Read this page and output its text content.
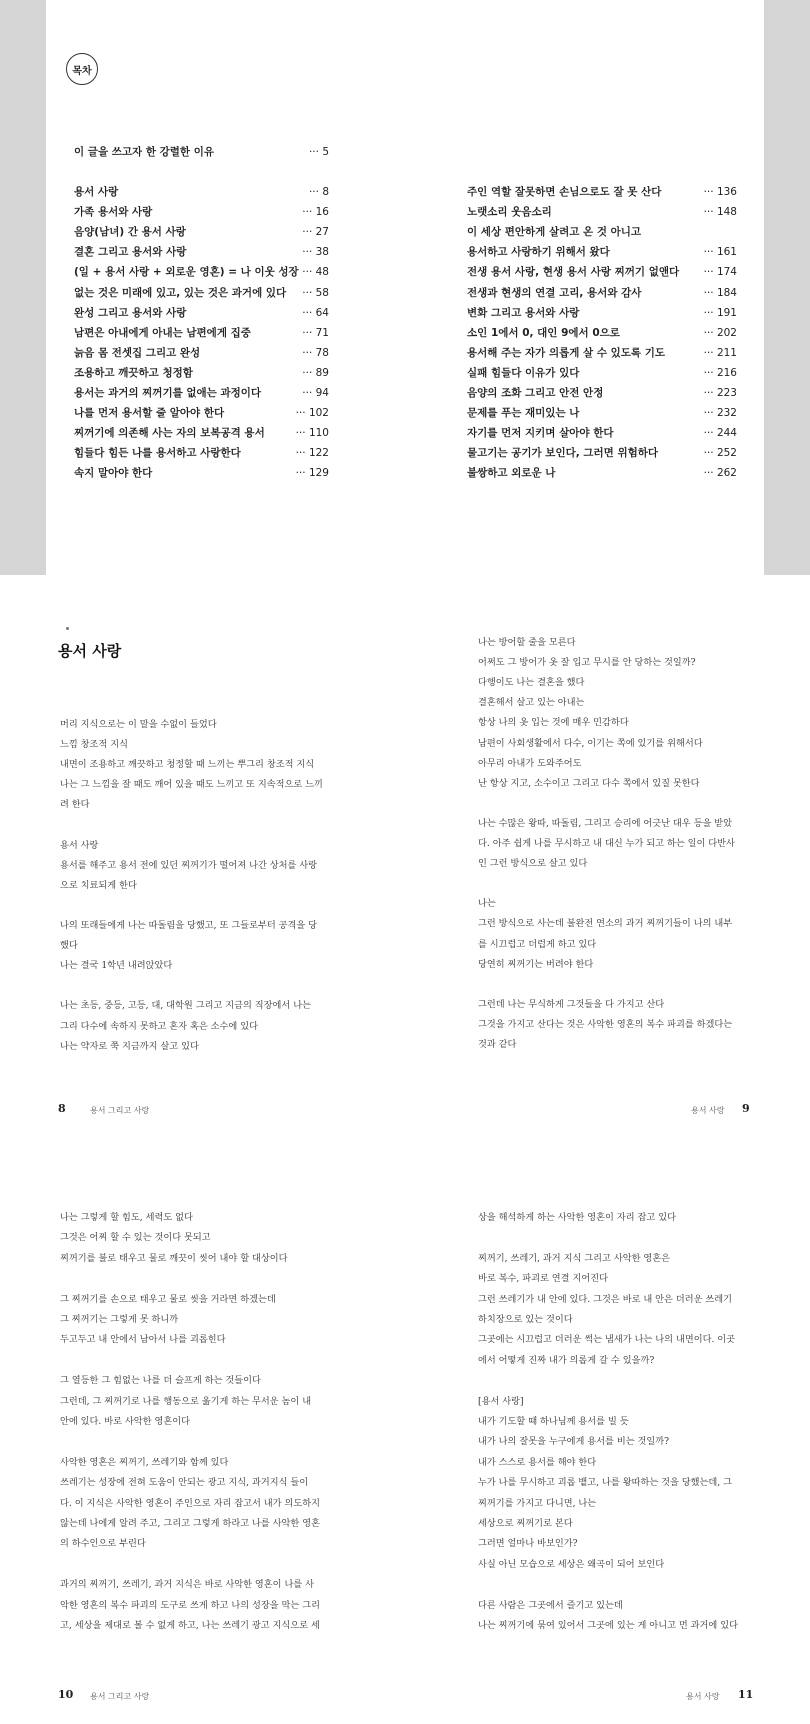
목차
이 글을 쓰고자 한 강렬한 이유	··· 5
용서 사랑	··· 8
가족 용서와 사랑	··· 16
음양(남녀) 간 용서 사랑	··· 27
결혼 그리고 용서와 사랑	··· 38
(일 + 용서 사랑 + 외로운 영혼) = 나 이웃 성장 ··· 48
없는 것은 미래에 있고, 있는 것은 과거에 있다 ··· 58
완성 그리고 용서와 사랑	··· 64
남편은 아내에게 아내는 남편에게 집중	··· 71
늙음 몸 전셋집 그리고 완성	··· 78
조용하고 깨끗하고 청정함	··· 89
용서는 과거의 찌꺼기를 없애는 과정이다	··· 94
나를 먼저 용서할 줄 알아야 한다	··· 102
찌꺼기에 의존해 사는 자의 보복공격 용서	··· 110
힘들다 힘든 나를 용서하고 사랑한다	··· 122
속지 말아야 한다	··· 129
주인 역할 잘못하면 손님으로도 잘 못 산다	··· 136
노랫소리 웃음소리	··· 148
이 세상 편안하게 살려고 온 것 아니고
용서하고 사랑하기 위해서 왔다	··· 161
전생 용서 사랑, 현생 용서 사랑 찌꺼기 없앤다 ··· 174
전생과 현생의 연결 고리, 용서와 감사	··· 184
변화 그리고 용서와 사랑	··· 191
소인 1에서 0, 대인 9에서 0으로	··· 202
용서해 주는 자가 의롭게 살 수 있도록 기도	··· 211
실패 힘들다 이유가 있다	··· 216
음양의 조화 그리고 안전 안정	··· 223
문제를 푸는 재미있는 나	··· 232
자기를 먼저 지키며 살아야 한다	··· 244
물고기는 공기가 보인다, 그러면 위험하다	··· 252
불쌍하고 외로운 나	··· 262
용서 사랑
머리 지식으로는 이 말을 수없이 들었다
느낌 창조적 지식
내면이 조용하고 깨끗하고 청정할 때 느끼는 뿌그리 창조적 지식
나는 그 느낌을 잘 때도 깨어 있을 때도 느끼고 또 지속적으로 느끼
려 한다
용서 사랑
용서를 해주고 용서 전에 있던 찌꺼기가 떨어져 나간 상처를 사랑
으로 치료되게 한다
나의 또래들에게 나는 따돌림을 당했고, 또 그들로부터 공격을 당
했다
나는 결국 1학년 내려앉았다
나는 초등, 중등, 고등, 대, 대학원 그리고 지금의 직장에서 나는
그리 다수에 속하지 못하고 혼자 혹은 소수에 있다
나는 약자로 쭉 지금까지 살고 있다
나는 방어할 줄을 모른다
어쩌도 그 방어가 옷 잘 입고 무시를 안 당하는 것일까?
다행이도 나는 결혼을 했다
결혼해서 살고 있는 아내는
항상 나의 옷 입는 것에 매우 민감하다
남편이 사회생활에서 다수, 이기는 쪽에 있기를 위해서다
아무리 아내가 도와주어도
난 항상 지고, 소수이고 그리고 다수 쪽에서 있질 못한다
나는 수많은 왕따, 따돌림, 그리고 승리에 어긋난 대우 등을 받았
다. 아주 쉽게 나를 무시하고 내 대신 누가 되고 하는 일이 다반사
인 그런 방식으로 살고 있다
나는
그런 방식으로 사는데 불완전 연소의 과거 찌꺼기들이 나의 내부
를 시끄럽고 더럽게 하고 있다
당연히 찌꺼기는 버려야 한다
그런데 나는 무식하게 그것들을 다 가지고 산다
그것을 가지고 산다는 것은 사악한 영혼의 복수 파괴를 하겠다는
것과 같다
8	용서 그리고 사랑	용서 사랑 9
나는 그렇게 할 힘도, 세력도 없다
그것은 어찌 할 수 있는 것이다 못되고
찌꺼기를 불로 태우고 물로 깨끗이 씻어 내야 할 대상이다
그 찌꺼기를 손으로 태우고 물로 씻을 거라면 하겠는데
그 찌꺼기는 그렇게 못 하니까
두고두고 내 안에서 남아서 나를 괴롭힌다
그 열등한 그 힘없는 나를 더 슬프게 하는 것들이다
그런데, 그 찌꺼기로 나를 행동으로 옮기게 하는 무서운 놈이 내
안에 있다. 바로 사악한 영혼이다
사악한 영혼은 찌꺼기, 쓰레기와 함께 있다
쓰레기는 성장에 전혀 도움이 안되는 광고 지식, 과거지식 들이
다. 이 지식은 사악한 영혼이 주인으로 자리 잡고서 내가 의도하지
않는데 나에게 알려 주고, 그리고 그렇게 하라고 나를 사악한 영혼
의 하수인으로 부린다
과거의 찌꺼기, 쓰레기, 과거 지식은 바로 사악한 영혼이 나를 사
악한 영혼의 복수 파괴의 도구로 쓰게 하고 나의 성장을 막는 그리
고, 세상을 제대로 볼 수 없게 하고, 나는 쓰레기 광고 지식으로 세
상을 해석하게 하는 사악한 영혼이 자리 잡고 있다
찌꺼기, 쓰레기, 과거 지식 그리고 사악한 영혼은
바로 복수, 파괴로 연결 지어진다
그런 쓰레기가 내 안에 있다. 그것은 바로 내 안은 더러운 쓰레기
하치장으로 있는 것이다
그곳에는 시끄럽고 더러운 썩는 냄새가 나는 나의 내면이다. 이곳
에서 어떻게 진짜 내가 의롭게 갈 수 있을까?
[용서 사랑]
내가 기도할 때 하나님께 용서를 빌 듯
내가 나의 잘못을 누구에게 용서를 비는 것일까?
내가 스스로 용서를 해야 한다
누가 나를 무시하고 괴롭 뱉고, 나를 왕따하는 것을 당했는데, 그
찌꺼기를 가지고 다니면, 나는
세상으로 찌꺼기로 본다
그러면 얼마나 바보인가?
사실 아닌 모습으로 세상은 왜곡이 되어 보인다
다른 사람은 그곳에서 즐기고 있는데
나는 찌꺼기에 묶여 있어서 그곳에 있는 게 아니고 먼 과거에 있다
10 용서 그리고 사랑	용서 사랑 11
